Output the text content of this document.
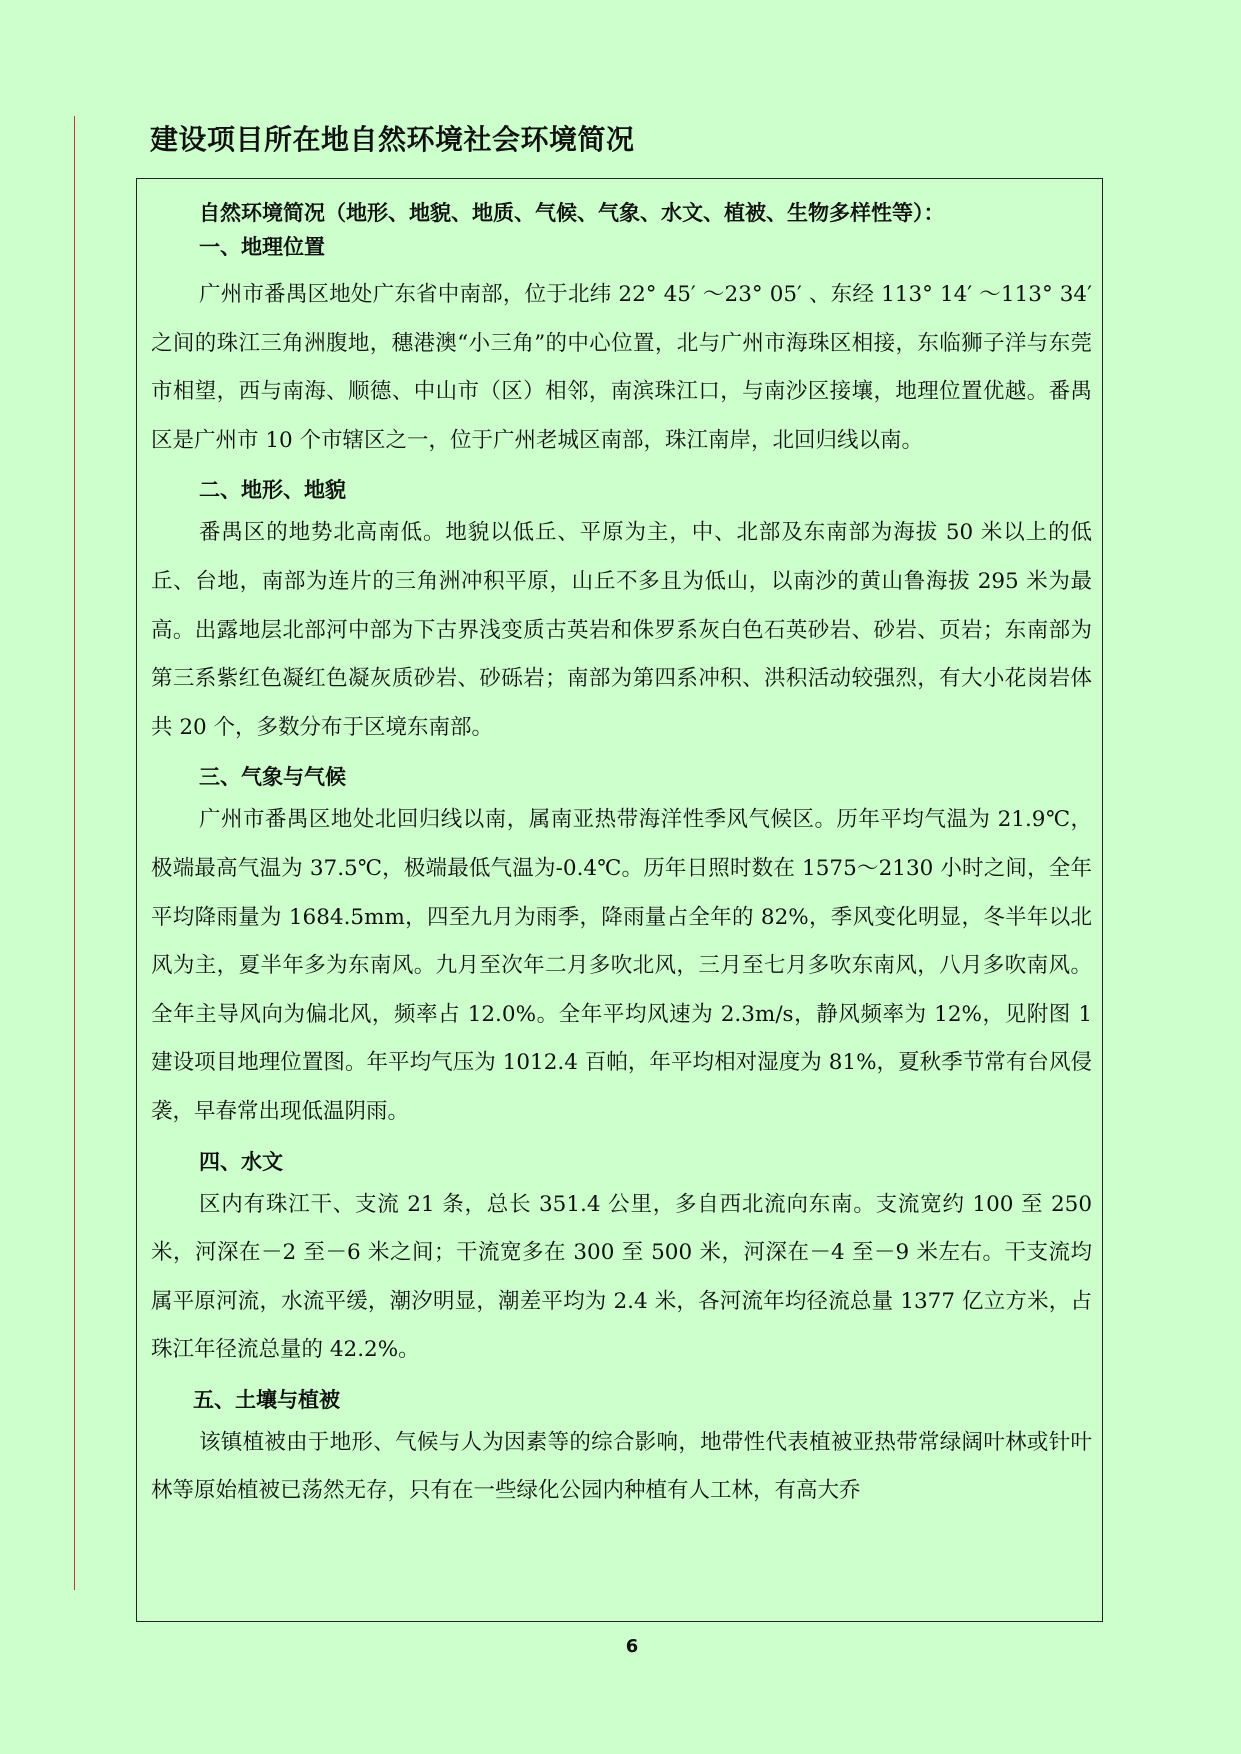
建设项目所在地自然环境社会环境简况

自然环境简况（地形、地貌、地质、气候、气象、水文、植被、生物多样性等）：

一、地理位置

广州市番禺区地处广东省中南部，位于北纬 22° 45′ ～23° 05′ 、东经 113° 14′ ～113° 34′ 之间的珠江三角洲腹地，穗港澳“小三角”的中心位置，北与广州市海珠区相接，东临狮子洋与东莞市相望，西与南海、顺德、中山市（区）相邻，南滨珠江口，与南沙区接壤，地理位置优越。番禺区是广州市 10 个市辖区之一，位于广州老城区南部，珠江南岸，北回归线以南。

二、地形、地貌

番禺区的地势北高南低。地貌以低丘、平原为主，中、北部及东南部为海拔 50 米以上的低丘、台地，南部为连片的三角洲冲积平原，山丘不多且为低山，以南沙的黄山鲁海拔 295 米为最高。出露地层北部河中部为下古界浅变质古英岩和侏罗系灰白色石英砂岩、砂岩、页岩；东南部为第三系紫红色凝红色凝灰质砂岩、砂砾岩；南部为第四系冲积、洪积活动较强烈，有大小花岗岩体共 20 个，多数分布于区境东南部。

三、气象与气候

广州市番禺区地处北回归线以南，属南亚热带海洋性季风气候区。历年平均气温为 21.9℃，极端最高气温为 37.5℃，极端最低气温为-0.4℃。历年日照时数在 1575～2130 小时之间，全年平均降雨量为 1684.5mm，四至九月为雨季，降雨量占全年的 82%，季风变化明显，冬半年以北风为主，夏半年多为东南风。九月至次年二月多吹北风，三月至七月多吹东南风，八月多吹南风。全年主导风向为偏北风，频率占 12.0%。全年平均风速为 2.3m/s，静风频率为 12%，见附图 1 建设项目地理位置图。年平均气压为 1012.4 百帕，年平均相对湿度为 81%，夏秋季节常有台风侵袭，早春常出现低温阴雨。

四、水文

区内有珠江干、支流 21 条，总长 351.4 公里，多自西北流向东南。支流宽约 100 至 250 米，河深在－2 至－6 米之间；干流宽多在 300 至 500 米，河深在－4 至－9 米左右。干支流均属平原河流，水流平缓，潮汐明显，潮差平均为 2.4 米，各河流年均径流总量 1377 亿立方米，占珠江年径流总量的 42.2%。

五、土壤与植被

该镇植被由于地形、气候与人为因素等的综合影响，地带性代表植被亚热带常绿阔叶林或针叶林等原始植被已荡然无存，只有在一些绿化公园内种植有人工林，有高大乔

6
